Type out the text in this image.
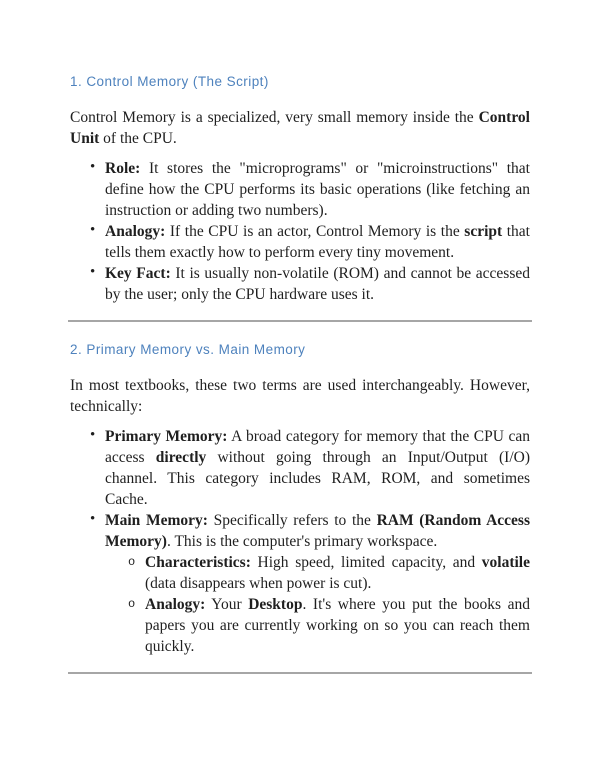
1. Control Memory (The Script)

Control Memory is a specialized, very small memory inside the Control Unit of the CPU.

• Role: It stores the "microprograms" or "microinstructions" that define how the CPU performs its basic operations (like fetching an instruction or adding two numbers).
• Analogy: If the CPU is an actor, Control Memory is the script that tells them exactly how to perform every tiny movement.
• Key Fact: It is usually non-volatile (ROM) and cannot be accessed by the user; only the CPU hardware uses it.
2. Primary Memory vs. Main Memory

In most textbooks, these two terms are used interchangeably. However, technically:

• Primary Memory: A broad category for memory that the CPU can access directly without going through an Input/Output (I/O) channel. This category includes RAM, ROM, and sometimes Cache.
• Main Memory: Specifically refers to the RAM (Random Access Memory). This is the computer's primary workspace.
o Characteristics: High speed, limited capacity, and volatile (data disappears when power is cut).
o Analogy: Your Desktop. It's where you put the books and papers you are currently working on so you can reach them quickly.
